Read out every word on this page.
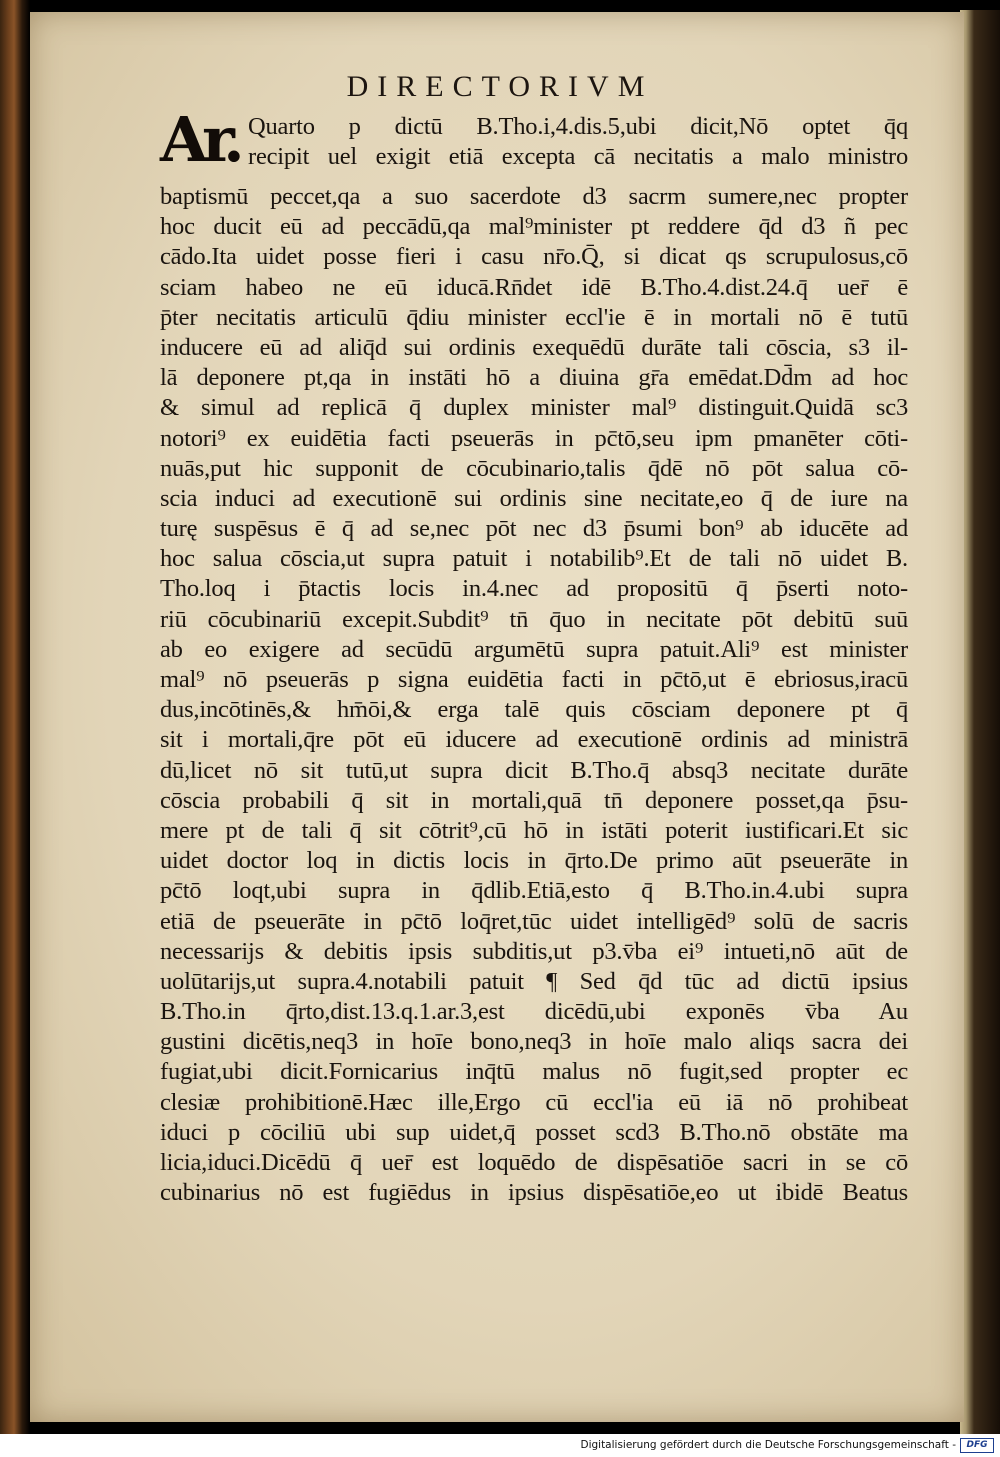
DIRECTORIVM
Ar. Quarto p dictū B.Tho.i,4.dis.5,ubi dicit,Nō optet q̄q
recipit uel exigit etiā excepta cā necitatis a malo ministro
baptismū peccet,qa a suo sacerdote d3 sacrm sumere,nec propter
hoc ducit eū ad peccādū,qa mal⁹minister pt reddere q̄d d3 ñ pec
cādo.Ita uidet posse fieri i casu nr̄o.Q̄, si dicat qs scrupulosus,cō
sciam habeo ne eū iducā.Rn̄det idē B.Tho.4.dist.24.q̄ uer̄ ē
p̄ter necitatis articulū q̄diu minister eccl'ie ē in mortali nō ē tutū
inducere eū ad aliq̄d sui ordinis exequēdū durāte tali cōscia, s3 il-
lā deponere pt,qa in instāti hō a diuina gr̄a emēdat.Dd̄m ad hoc
& simul ad replicā q̄ duplex minister mal⁹ distinguit.Quidā sc3
notori⁹ ex euidētia facti pseuerās in pc̄tō,seu ipm pmanēter cōti-
nuās,put hic supponit de cōcubinario,talis q̄dē nō pōt salua cō-
scia induci ad executionē sui ordinis sine necitate,eo q̄ de iure na
turę suspēsus ē q̄ ad se,nec pōt nec d3 p̄sumi bon⁹ ab iducēte ad
hoc salua cōscia,ut supra patuit i notabilib⁹.Et de tali nō uidet B.
Tho.loq i p̄tactis locis in.4.nec ad propositū q̄ p̄serti noto-
riū cōcubinariū excepit.Subdit⁹ tn̄ q̄uo in necitate pōt debitū suū
ab eo exigere ad secūdū argumētū supra patuit.Ali⁹ est minister
mal⁹ nō pseuerās p signa euidētia facti in pc̄tō,ut ē ebriosus,iracū
dus,incōtinēs,& hm̄ōi,& erga talē quis cōsciam deponere pt q̄
sit i mortali,q̄re pōt eū iducere ad executionē ordinis ad ministrā
dū,licet nō sit tutū,ut supra dicit B.Tho.q̄ absq3 necitate durāte
cōscia probabili q̄ sit in mortali,quā tn̄ deponere posset,qa p̄su-
mere pt de tali q̄ sit cōtrit⁹,cū hō in istāti poterit iustificari.Et sic
uidet doctor loq in dictis locis in q̄rto.De primo aūt pseuerāte in
pc̄tō loqt,ubi supra in q̄dlib.Etiā,esto q̄ B.Tho.in.4.ubi supra
etiā de pseuerāte in pc̄tō loq̄ret,tūc uidet intelligēd⁹ solū de sacris
necessarijs & debitis ipsis subditis,ut p3.v̄ba ei⁹ intueti,nō aūt de
uolūtarijs,ut supra.4.notabili patuit ¶ Sed q̄d tūc ad dictū ipsius
B.Tho.in q̄rto,dist.13.q.1.ar.3,est dicēdū,ubi exponēs v̄ba Au
gustini dicētis,neq3 in hoīe bono,neq3 in hoīe malo aliqs sacra dei
fugiat,ubi dicit.Fornicarius inq̄tū malus nō fugit,sed propter ec
clesiæ prohibitionē.Hæc ille,Ergo cū eccl'ia eū iā nō prohibeat
iduci p cōciliū ubi sup uidet,q̄ posset scd3 B.Tho.nō obstāte ma
licia,iduci.Dicēdū q̄ uer̄ est loquēdo de dispēsatiōe sacri in se cō
cubinarius nō est fugiēdus in ipsius dispēsatiōe,eo ut ibidē Beatus
Digitalisierung gefördert durch die Deutsche Forschungsgemeinschaft -	DFG
